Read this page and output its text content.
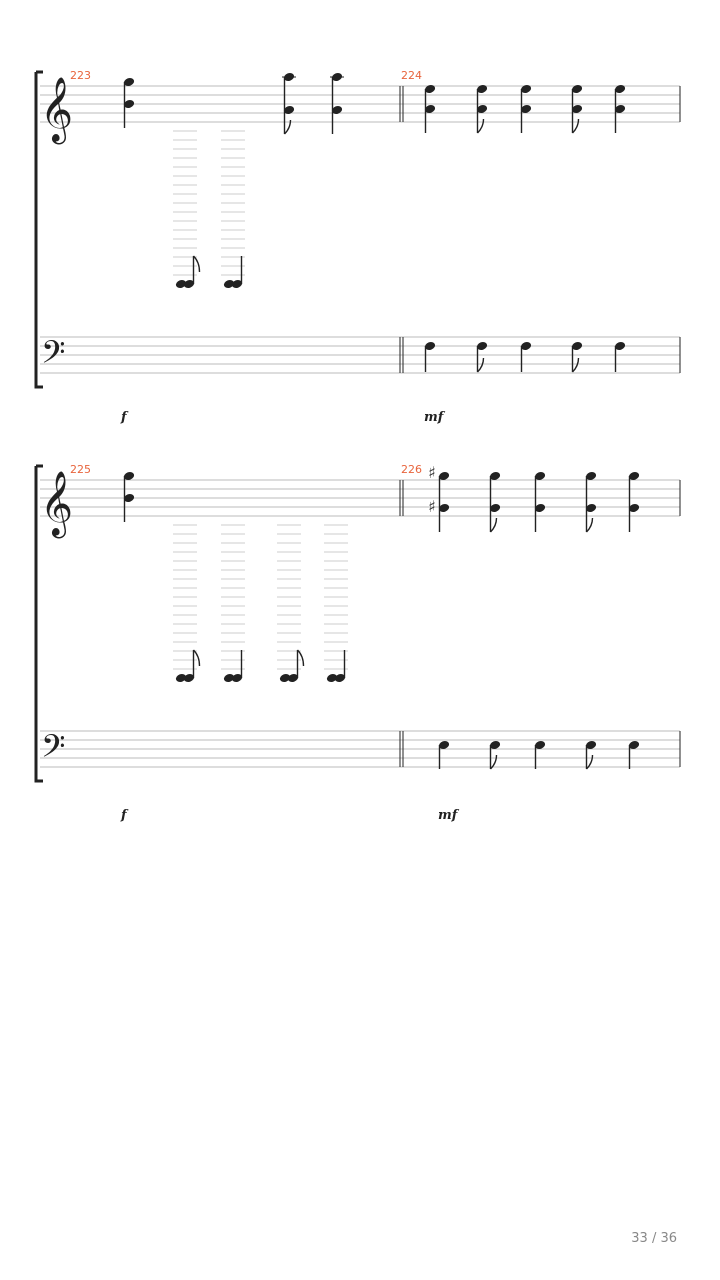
223	224
f	mf
𝄞
𝄢
225	226
f	mf
𝄞
𝄢
♯
♯
33 / 36
